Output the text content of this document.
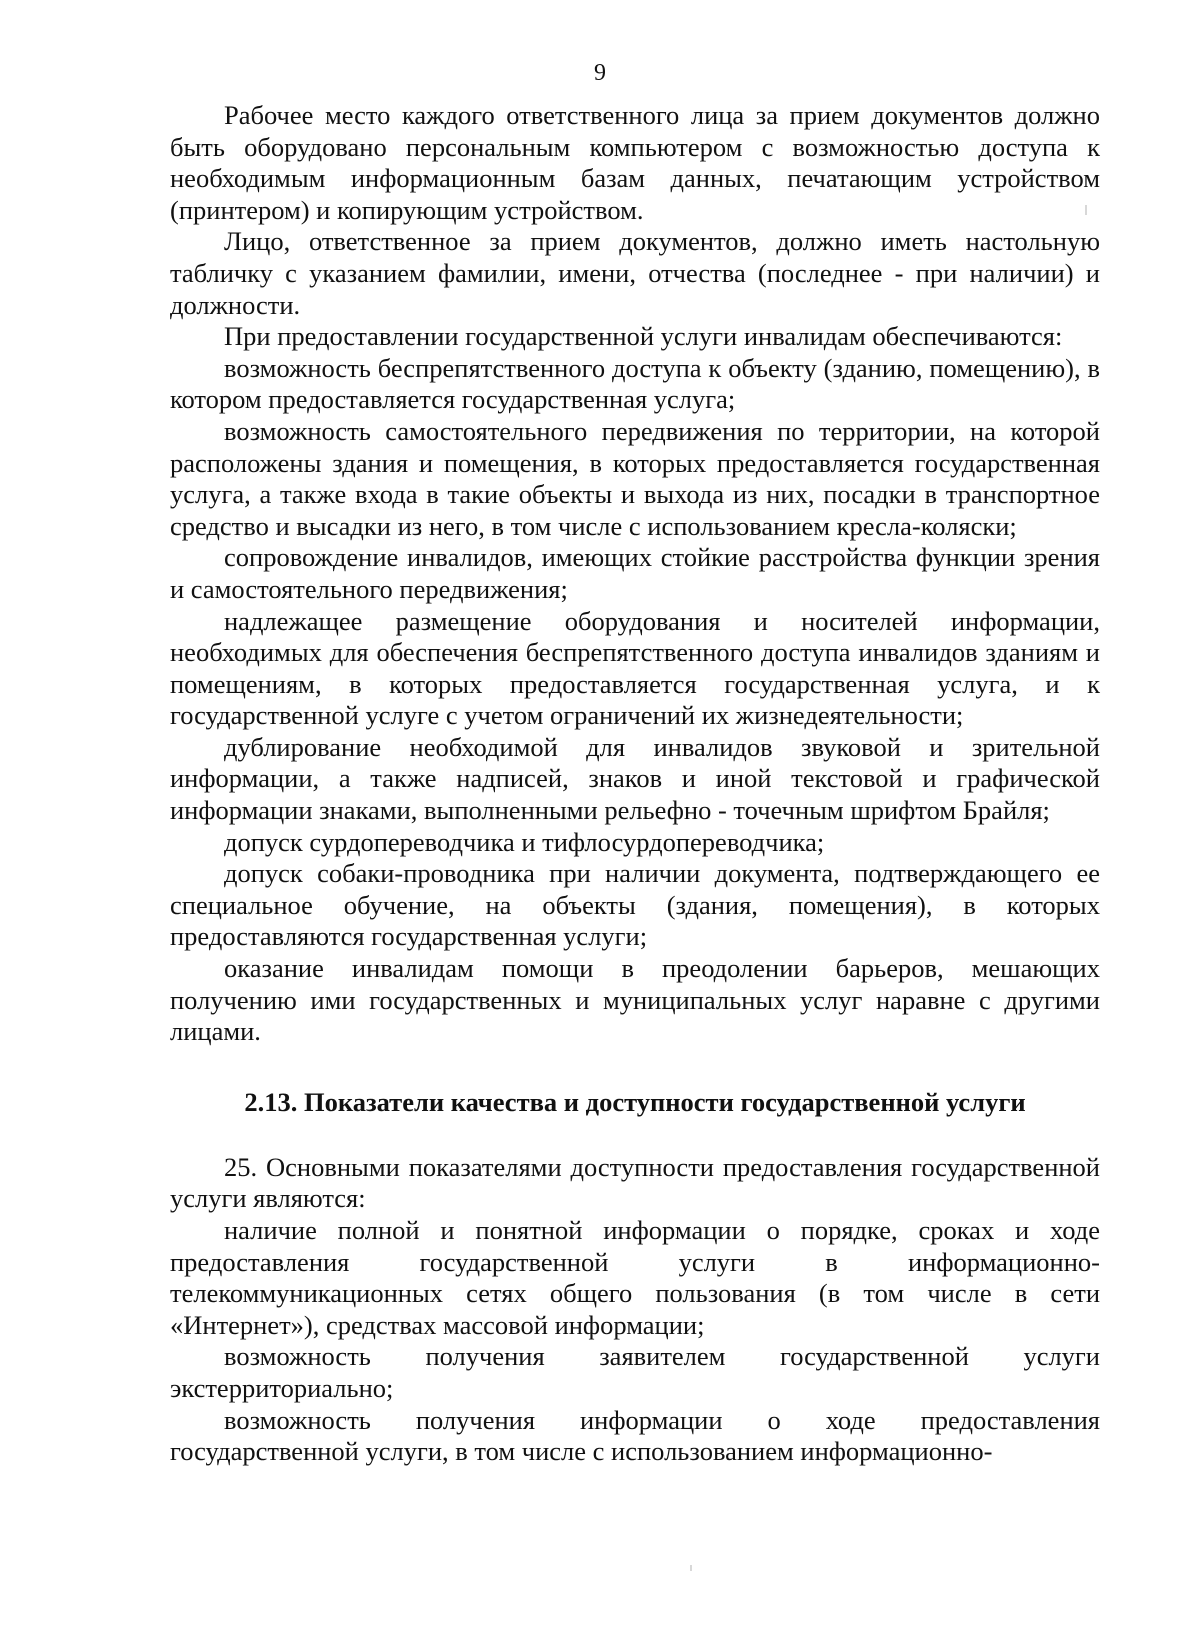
9

Рабочее место каждого ответственного лица за прием документов должно быть оборудовано персональным компьютером с возможностью доступа к необходимым информационным базам данных, печатающим устройством (принтером) и копирующим устройством.

Лицо, ответственное за прием документов, должно иметь настольную табличку с указанием фамилии, имени, отчества (последнее - при наличии) и должности.

При предоставлении государственной услуги инвалидам обеспечиваются:

возможность беспрепятственного доступа к объекту (зданию, помещению), в котором предоставляется государственная услуга;

возможность самостоятельного передвижения по территории, на которой расположены здания и помещения, в которых предоставляется государственная услуга, а также входа в такие объекты и выхода из них, посадки в транспортное средство и высадки из него, в том числе с использованием кресла-коляски;

сопровождение инвалидов, имеющих стойкие расстройства функции зрения и самостоятельного передвижения;

надлежащее размещение оборудования и носителей информации, необходимых для обеспечения беспрепятственного доступа инвалидов зданиям и помещениям, в которых предоставляется государственная услуга, и к государственной услуге с учетом ограничений их жизнедеятельности;

дублирование необходимой для инвалидов звуковой и зрительной информации, а также надписей, знаков и иной текстовой и графической информации знаками, выполненными рельефно - точечным шрифтом Брайля;

допуск сурдопереводчика и тифлосурдопереводчика;

допуск собаки-проводника при наличии документа, подтверждающего ее специальное обучение, на объекты (здания, помещения), в которых предоставляются государственная услуги;

оказание инвалидам помощи в преодолении барьеров, мешающих получению ими государственных и муниципальных услуг наравне с другими лицами.

2.13. Показатели качества и доступности государственной услуги

25. Основными показателями доступности предоставления государственной услуги являются:

наличие полной и понятной информации о порядке, сроках и ходе предоставления государственной услуги в информационно-телекоммуникационных сетях общего пользования (в том числе в сети «Интернет»), средствах массовой информации;

возможность получения заявителем государственной услуги экстерриториально;

возможность получения информации о ходе предоставления государственной услуги, в том числе с использованием информационно-
